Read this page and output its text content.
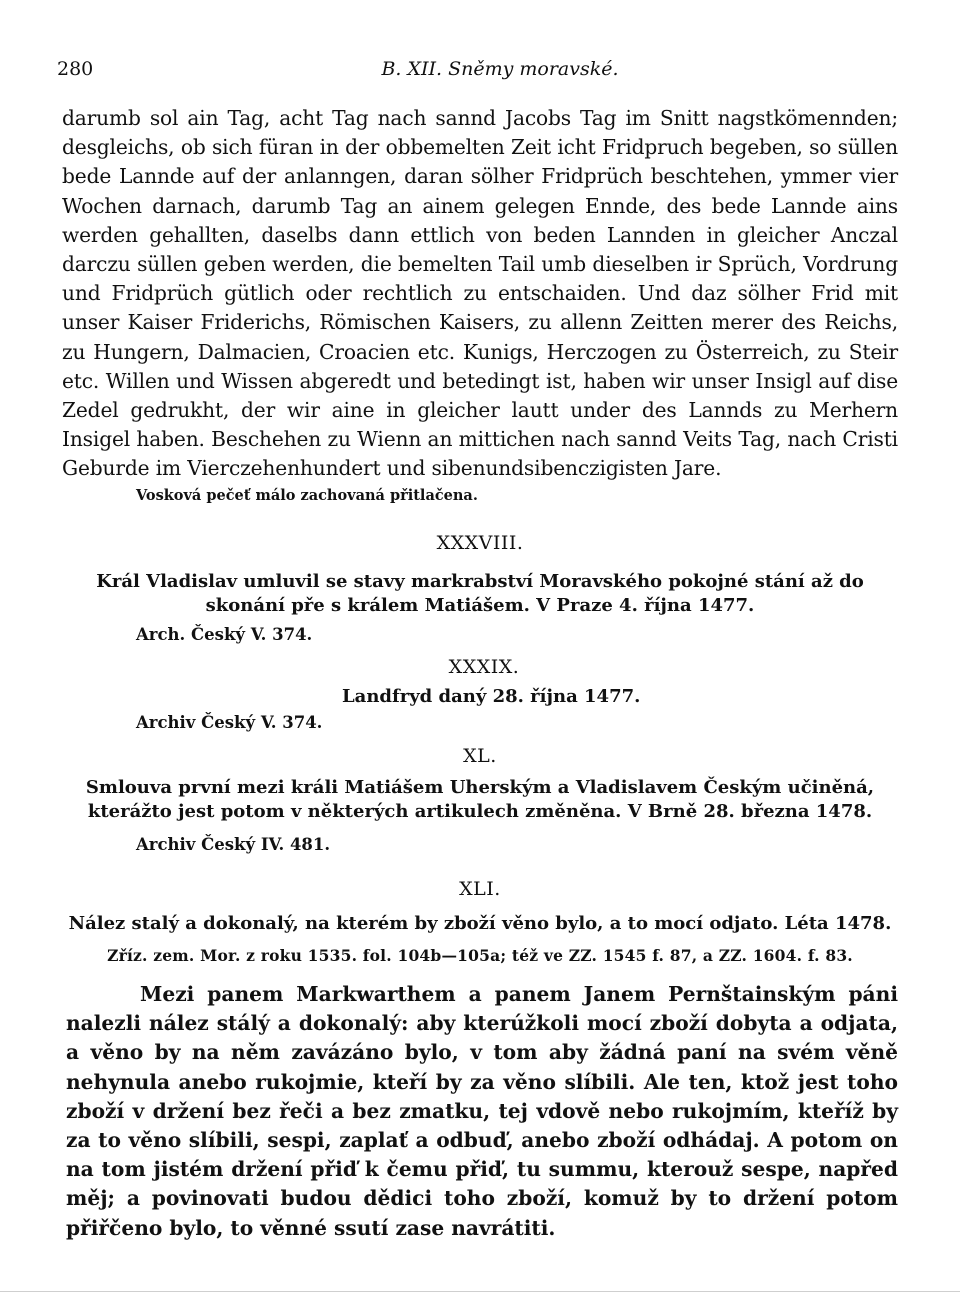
280	B. XII. Sněmy moravské.

darumb sol ain Tag, acht Tag nach sannd Jacobs Tag im Snitt nagstkömennden; desgleichs, ob sich füran in der obbemelten Zeit icht Fridpruch begeben, so süllen bede Lannde auf der anlanngen, daran sölher Fridprüch beschtehen, ymmer vier Wochen darnach, darumb Tag an ainem gelegen Ennde, des bede Lannde ains werden gehallten, daselbs dann ettlich von beden Lannden in gleicher Anczal darczu süllen geben werden, die bemelten Tail umb dieselben ir Sprüch, Vordrung und Fridprüch gütlich oder rechtlich zu entschaiden. Und daz sölher Frid mit unser Kaiser Friderichs, Römischen Kaisers, zu allenn Zeitten merer des Reichs, zu Hungern, Dalmacien, Croacien etc. Kunigs, Herczogen zu Österreich, zu Steir etc. Willen und Wissen abgeredt und betedingt ist, haben wir unser Insigl auf dise Zedel gedrukht, der wir aine in gleicher lautt under des Lannds zu Merhern Insigel haben. Beschehen zu Wienn an mittichen nach sannd Veits Tag, nach Cristi Geburde im Vierczehenhundert und sibenundsibenczigisten Jare.

Vosková pečeť málo zachovaná přitlačena.
XXXVIII.
Král Vladislav umluvil se stavy markrabství Moravského pokojné stání až do skonání pře s králem Matiášem. V Praze 4. října 1477.
Arch. Český V. 374.
XXXIX.
Landfryd daný 28. října 1477.
Archiv Český V. 374.
XL.
Smlouva první mezi králi Matiášem Uherským a Vladislavem Českým učiněná, kterážto jest potom v některých artikulech změněna. V Brně 28. března 1478.
Archiv Český IV. 481.
XLI.
Nález stalý a dokonalý, na kterém by zboží věno bylo, a to mocí odjato. Léta 1478.
Zříz. zem. Mor. z roku 1535. fol. 104b—105a; též ve ZZ. 1545 f. 87, a ZZ. 1604. f. 83.

Mezi panem Markwarthem a panem Janem Pernštainským páni nalezli nález stálý a dokonalý: aby kterúžkoli mocí zboží dobyta a odjata, a věno by na něm zavázáno bylo, v tom aby žádná paní na svém věně nehynula anebo rukojmie, kteří by za věno slíbili. Ale ten, ktož jest toho zboží v držení bez řeči a bez zmatku, tej vdově nebo rukojmím, kteříž by za to věno slíbili, sespi, zaplať a odbuď, anebo zboží odhádaj. A potom on na tom jistém držení přiď k čemu přiď, tu summu, kterouž sespe, napřed měj; a povinovati budou dědici toho zboží, komuž by to držení potom přiřčeno bylo, to věnné ssutí zase navrátiti.
